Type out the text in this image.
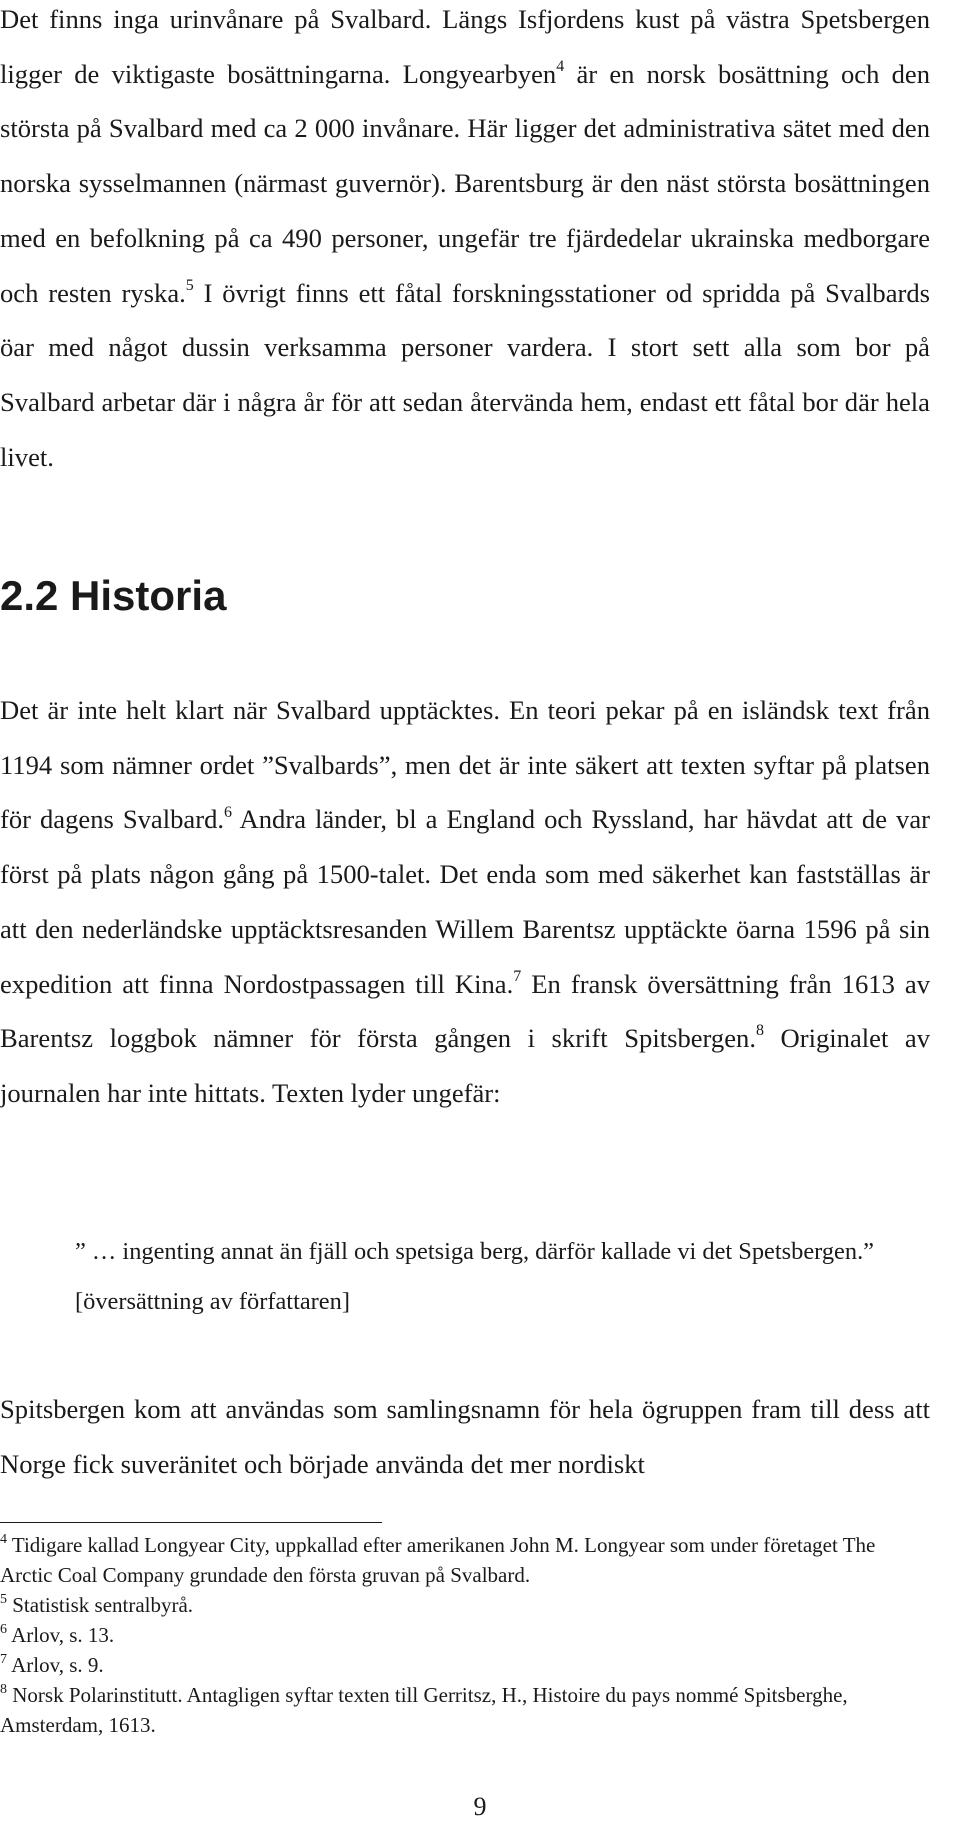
Det finns inga urinvånare på Svalbard. Längs Isfjordens kust på västra Spetsbergen ligger de viktigaste bosättningarna. Longyearbyen$^4$ är en norsk bosättning och den största på Svalbard med ca 2 000 invånare. Här ligger det administrativa sätet med den norska sysselmannen (närmast guvernör). Barentsburg är den näst största bosättningen med en befolkning på ca 490 personer, ungefär tre fjärdedelar ukrainska medborgare och resten ryska.$^5$ I övrigt finns ett fåtal forskningsstationer od spridda på Svalbards öar med något dussin verksamma personer vardera. I stort sett alla som bor på Svalbard arbetar där i några år för att sedan återvända hem, endast ett fåtal bor där hela livet.

2.2 Historia

Det är inte helt klart när Svalbard upptäcktes. En teori pekar på en isländsk text från 1194 som nämner ordet ”Svalbards”, men det är inte säkert att texten syftar på platsen för dagens Svalbard.$^6$ Andra länder, bl a England och Ryssland, har hävdat att de var först på plats någon gång på 1500-talet. Det enda som med säkerhet kan fastställas är att den nederländske upptäcktsresanden Willem Barentsz upptäckte öarna 1596 på sin expedition att finna Nordostpassagen till Kina.$^7$ En fransk översättning från 1613 av Barentsz loggbok nämner för första gången i skrift Spitsbergen.$^8$ Originalet av journalen har inte hittats. Texten lyder ungefär:

” … ingenting annat än fjäll och spetsiga berg, därför kallade vi det Spetsbergen.” [översättning av författaren]

Spitsbergen kom att användas som samlingsnamn för hela ögruppen fram till dess att Norge fick suveränitet och började använda det mer nordiskt

$^4$ Tidigare kallad Longyear City, uppkallad efter amerikanen John M. Longyear som under företaget The Arctic Coal Company grundade den första gruvan på Svalbard.
$^5$ Statistisk sentralbyrå.
$^6$ Arlov, s. 13.
$^7$ Arlov, s. 9.
$^8$ Norsk Polarinstitutt. Antagligen syftar texten till Gerritsz, H., Histoire du pays nommé Spitsberghe, Amsterdam, 1613.
9
